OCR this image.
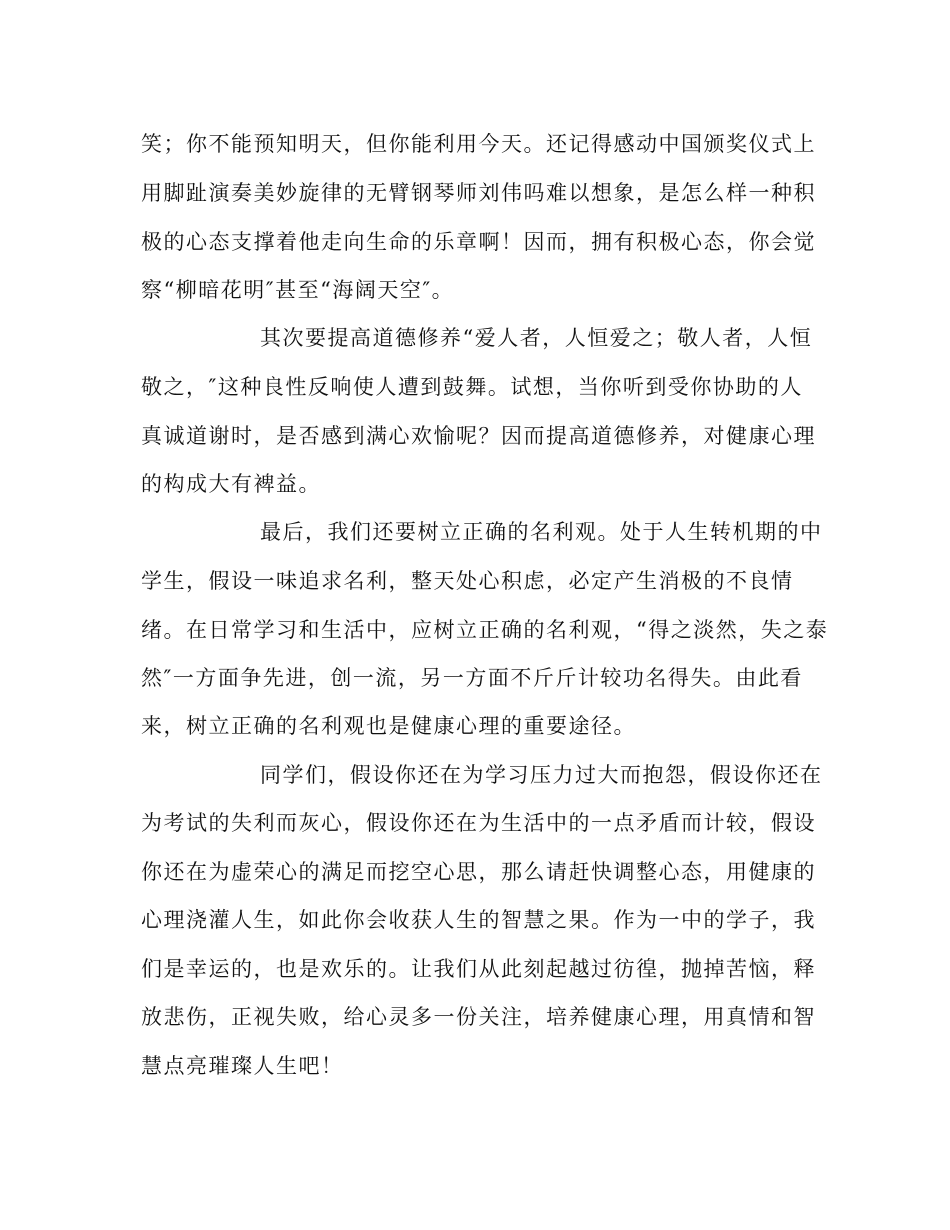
笑；你不能预知明天，但你能利用今天。还记得感动中国颁奖仪式上
用脚趾演奏美妙旋律的无臂钢琴师刘伟吗难以想象，是怎么样一种积
极的心态支撑着他走向生命的乐章啊！因而，拥有积极心态，你会觉
察“柳暗花明″甚至“海阔天空″。
其次要提高道德修养“爱人者，人恒爱之；敬人者，人恒
敬之，″这种良性反响使人遭到鼓舞。试想，当你听到受你协助的人
真诚道谢时，是否感到满心欢愉呢？因而提高道德修养，对健康心理
的构成大有裨益。
最后，我们还要树立正确的名利观。处于人生转机期的中
学生，假设一味追求名利，整天处心积虑，必定产生消极的不良情
绪。在日常学习和生活中，应树立正确的名利观，“得之淡然，失之泰
然″一方面争先进，创一流，另一方面不斤斤计较功名得失。由此看
来，树立正确的名利观也是健康心理的重要途径。
同学们，假设你还在为学习压力过大而抱怨，假设你还在
为考试的失利而灰心，假设你还在为生活中的一点矛盾而计较，假设
你还在为虚荣心的满足而挖空心思，那么请赶快调整心态，用健康的
心理浇灌人生，如此你会收获人生的智慧之果。作为一中的学子，我
们是幸运的，也是欢乐的。让我们从此刻起越过彷徨，抛掉苦恼，释
放悲伤，正视失败，给心灵多一份关注，培养健康心理，用真情和智
慧点亮璀璨人生吧！
